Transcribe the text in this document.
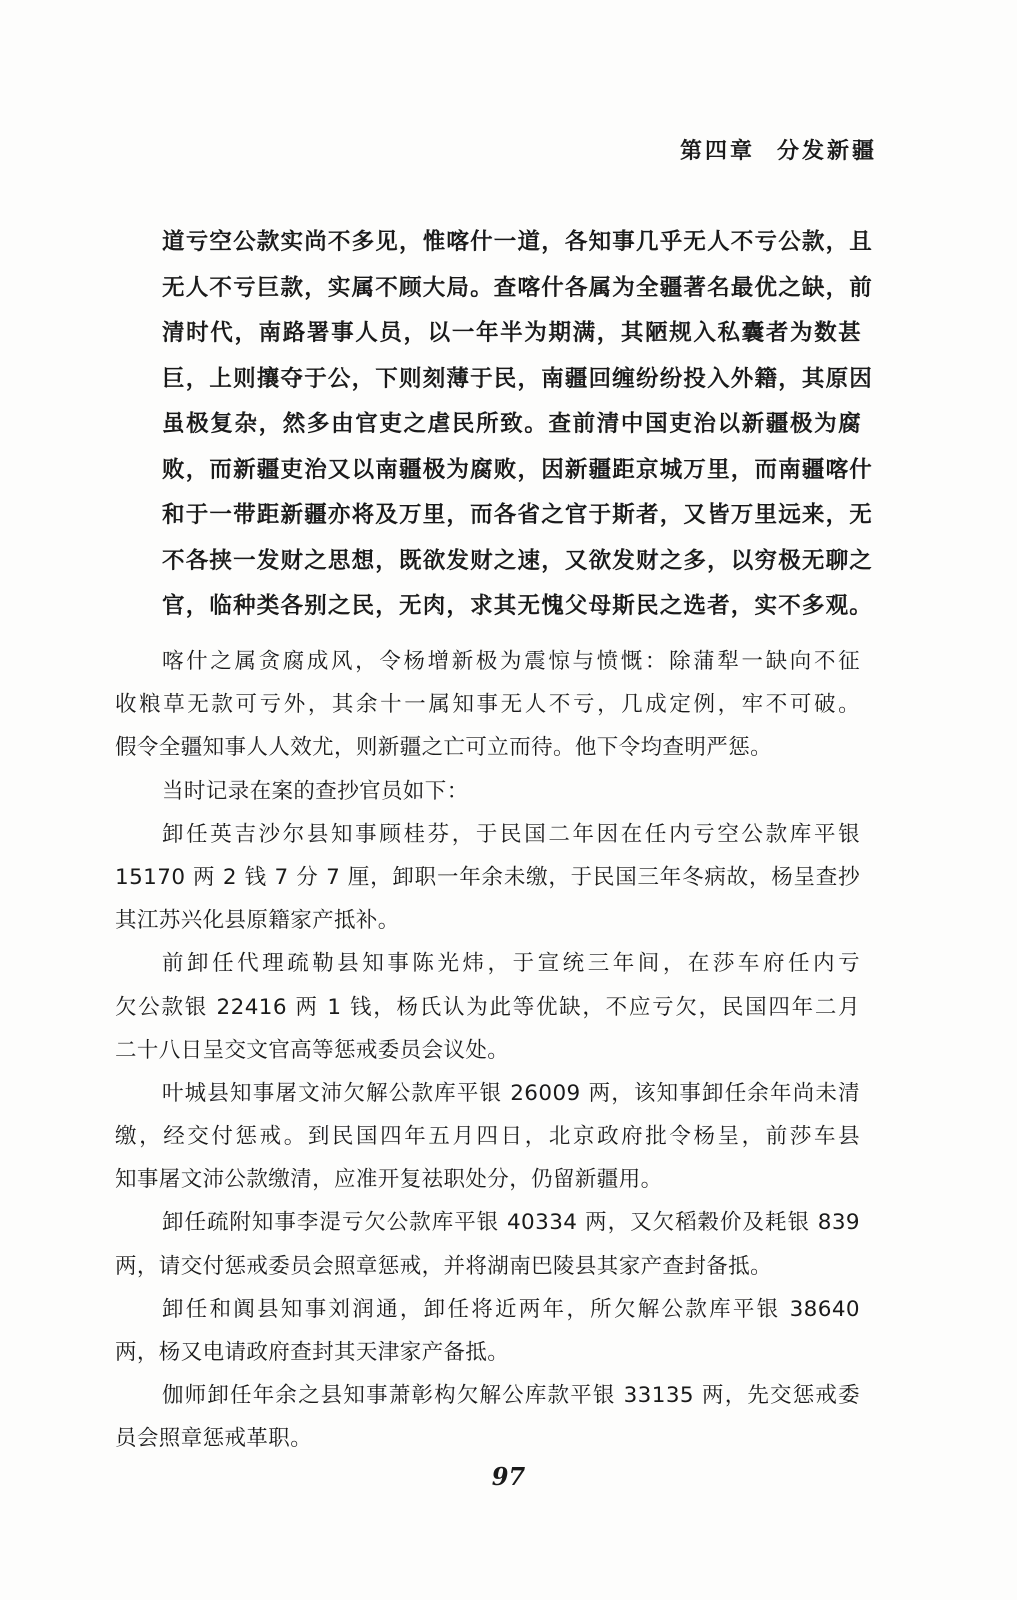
第四章 分发新疆
道亏空公款实尚不多见，惟喀什一道，各知事几乎无人不亏公款，且
无人不亏巨款，实属不顾大局。查喀什各属为全疆著名最优之缺，前
清时代，南路署事人员，以一年半为期满，其陋规入私囊者为数甚
巨，上则攘夺于公，下则刻薄于民，南疆回缠纷纷投入外籍，其原因
虽极复杂，然多由官吏之虐民所致。查前清中国吏治以新疆极为腐
败，而新疆吏治又以南疆极为腐败，因新疆距京城万里，而南疆喀什
和于一带距新疆亦将及万里，而各省之官于斯者，又皆万里远来，无
不各挟一发财之思想，既欲发财之速，又欲发财之多，以穷极无聊之
官，临种类各别之民，无肉，求其无愧父母斯民之选者，实不多观。
喀什之属贪腐成风，令杨增新极为震惊与愤慨：除蒲犁一缺向不征
收粮草无款可亏外，其余十一属知事无人不亏，几成定例，牢不可破。
假令全疆知事人人效尤，则新疆之亡可立而待。他下令均查明严惩。
当时记录在案的查抄官员如下：
卸任英吉沙尔县知事顾桂芬，于民国二年因在任内亏空公款库平银
15170 两 2 钱 7 分 7 厘，卸职一年余未缴，于民国三年冬病故，杨呈查抄
其江苏兴化县原籍家产抵补。
前卸任代理疏勒县知事陈光炜，于宣统三年间，在莎车府任内亏
欠公款银 22416 两 1 钱，杨氏认为此等优缺，不应亏欠，民国四年二月
二十八日呈交文官高等惩戒委员会议处。
叶城县知事屠文沛欠解公款库平银 26009 两，该知事卸任余年尚未清
缴，经交付惩戒。到民国四年五月四日，北京政府批令杨呈，前莎车县
知事屠文沛公款缴清，应准开复祛职处分，仍留新疆用。
卸任疏附知事李湜亏欠公款库平银 40334 两，又欠稻穀价及耗银 839
两，请交付惩戒委员会照章惩戒，并将湖南巴陵县其家产查封备抵。
卸任和阗县知事刘润通，卸任将近两年，所欠解公款库平银 38640
两，杨又电请政府查封其天津家产备抵。
伽师卸任年余之县知事萧彰构欠解公库款平银 33135 两，先交惩戒委
员会照章惩戒革职。
97
